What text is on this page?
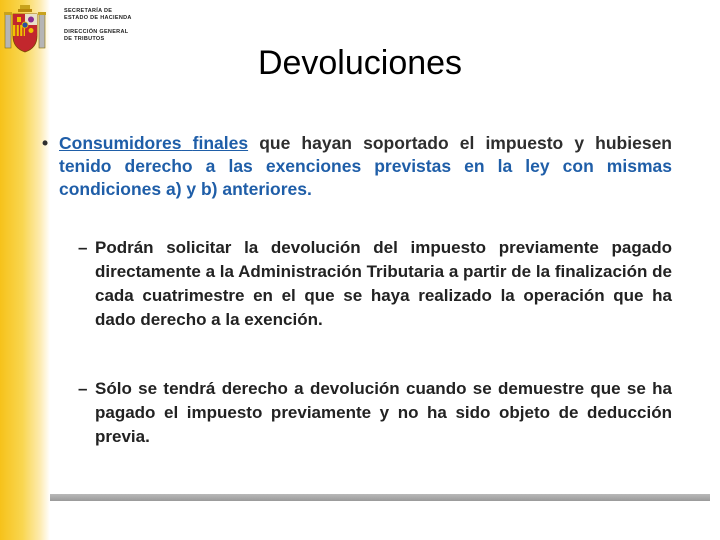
SECRETARÍA DE
ESTADO DE HACIENDA
DIRECCIÓN GENERAL
DE TRIBUTOS
Devoluciones
• Consumidores finales que hayan soportado el impuesto y hubiesen tenido derecho a las exenciones previstas en la ley con mismas condiciones a) y b) anteriores.
– Podrán solicitar la devolución del impuesto previamente pagado directamente a la Administración Tributaria a partir de la finalización de cada cuatrimestre en el que se haya realizado la operación que ha dado derecho a la exención.
– Sólo se tendrá derecho a devolución cuando se demuestre que se ha pagado el impuesto previamente y no ha sido objeto de deducción previa.
